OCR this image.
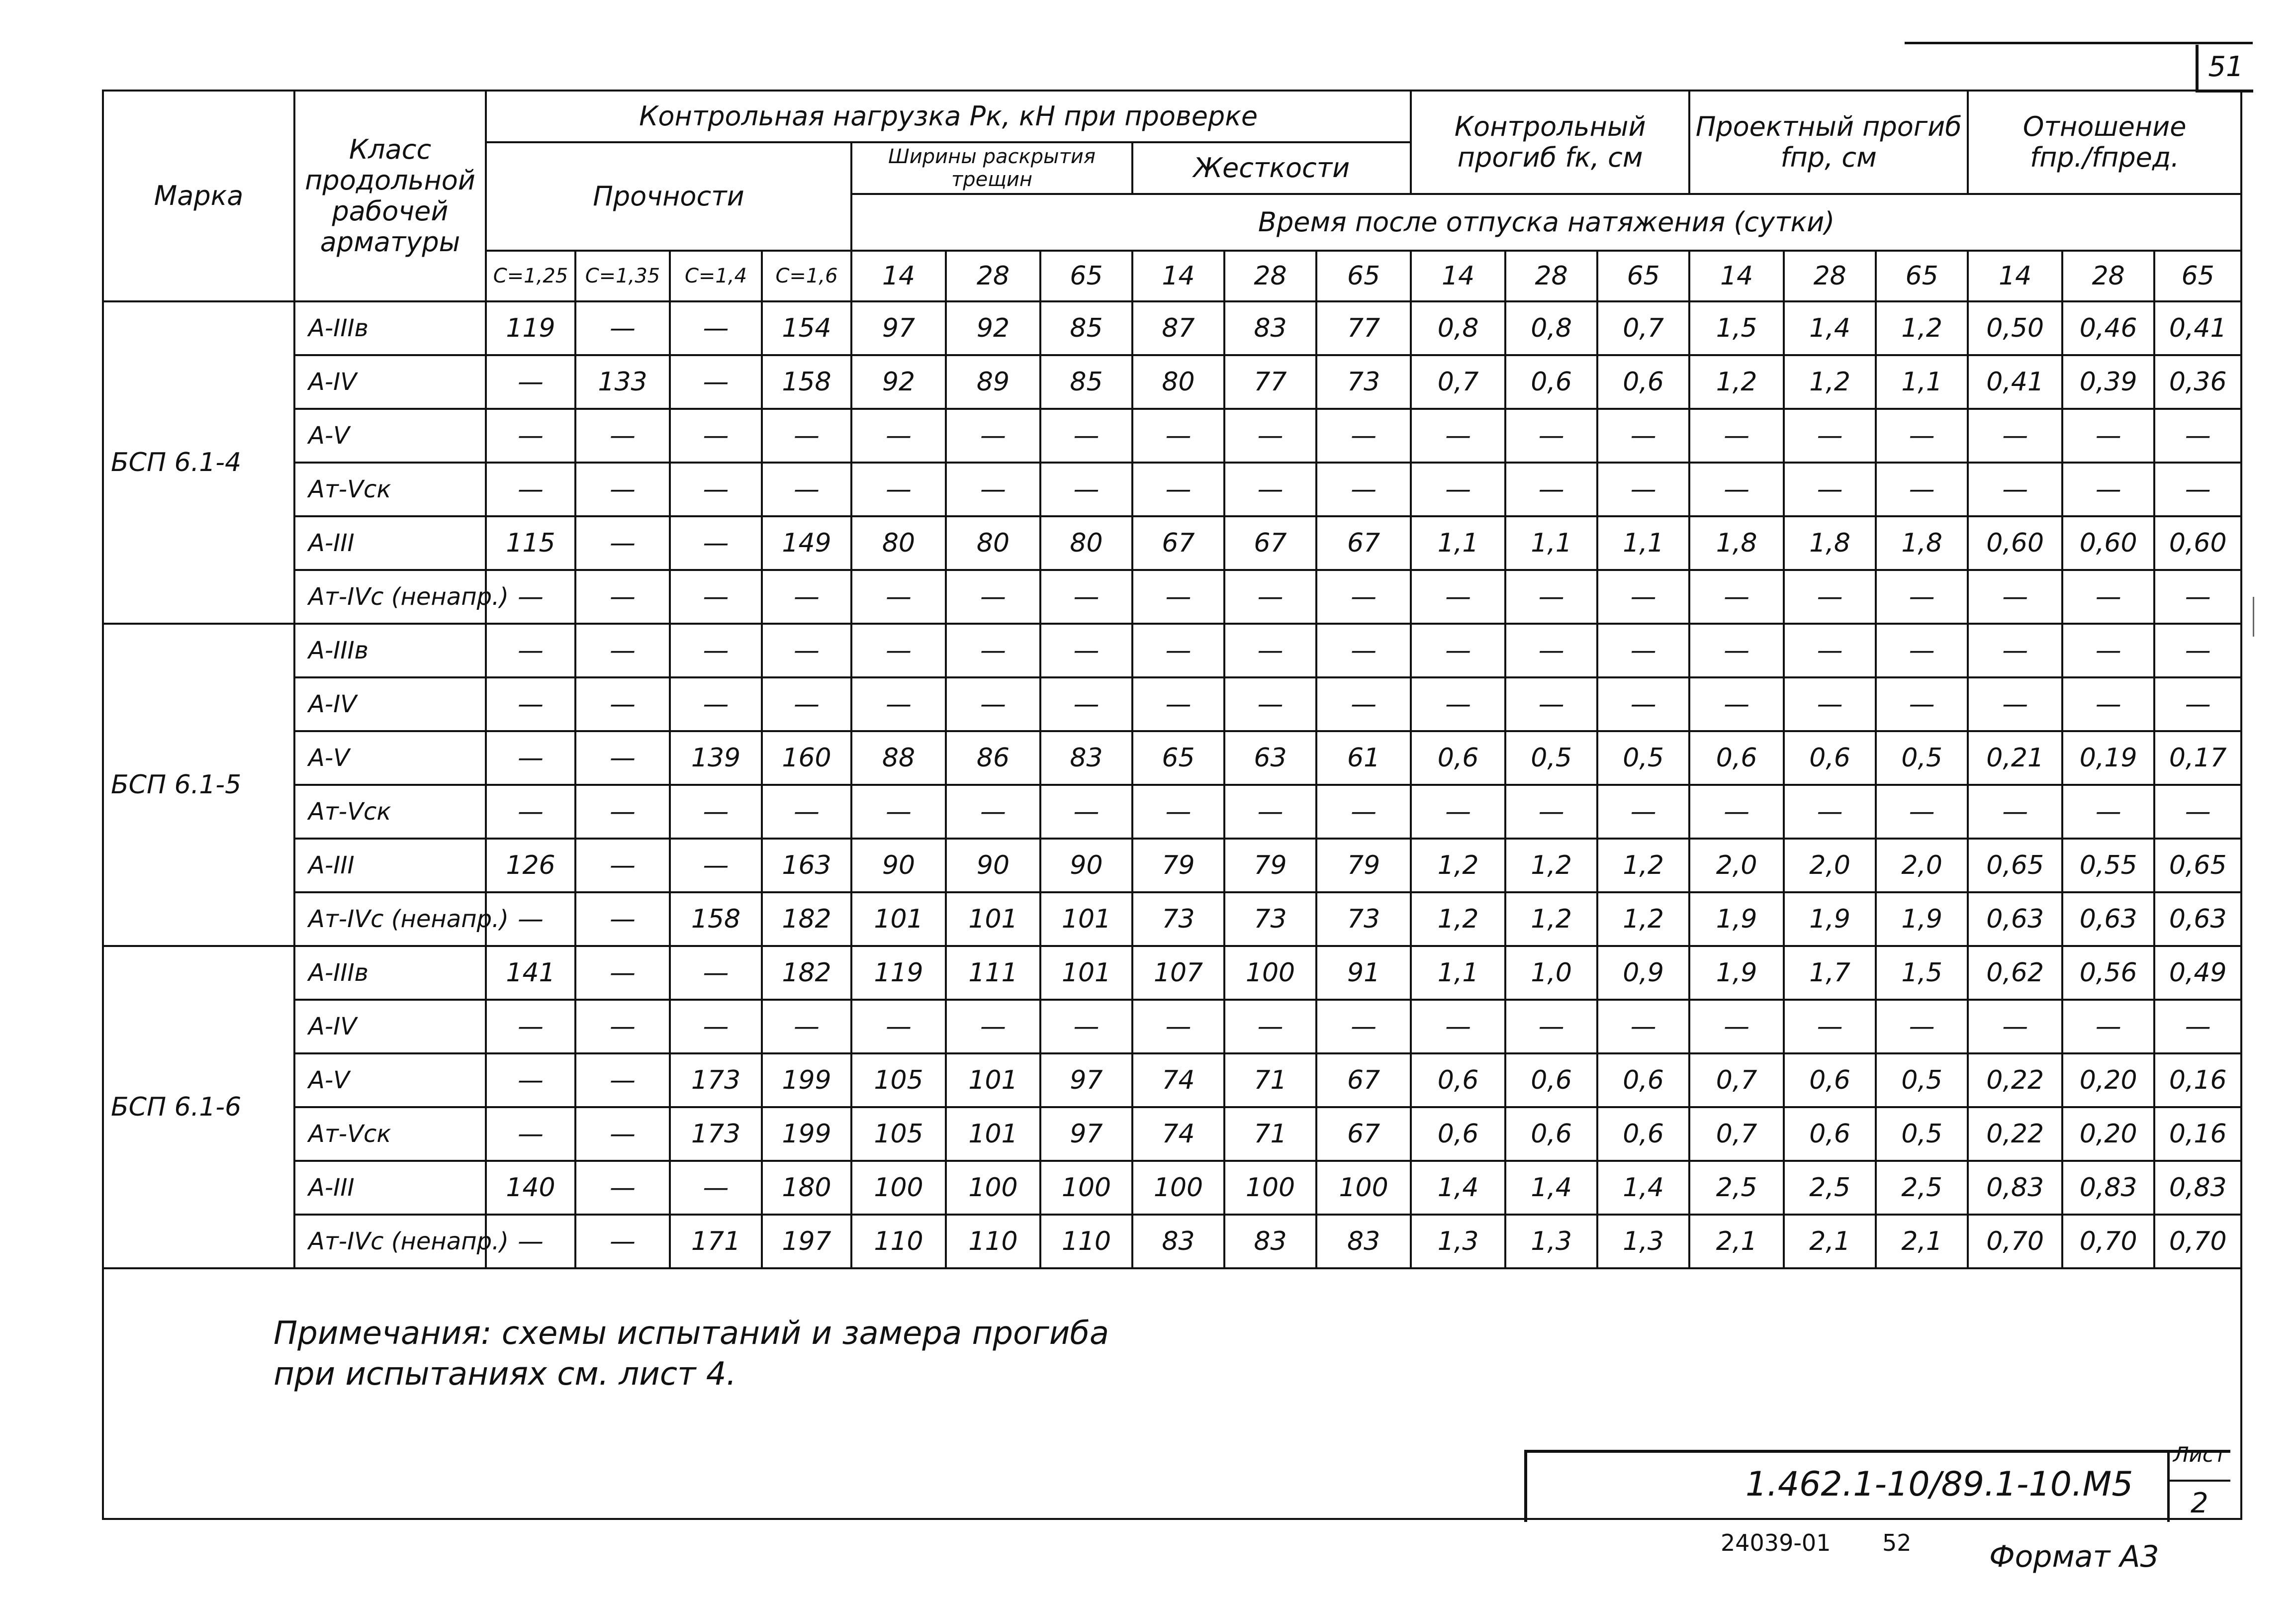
51
Марка	Класс продольной рабочей арматуры	Контрольная нагрузка Pк, кН при проверке										Контрольный прогиб fк, см			Проектный прогиб fпр, см			Отношение fпр./fпред.		
		Прочности				Ширины раскрытия трещин			Жесткости											
						Время после отпуска натяжения (сутки)														
		C=1,25	C=1,35	C=1,4	C=1,6	14	28	65	14	28	65	14	28	65	14	28	65	14	28	65
БСП 6.1-4	А-IIIв	119	—	—	154	97	92	85	87	83	77	0,8	0,8	0,7	1,5	1,4	1,2	0,50	0,46	0,41
	А-IV	—	133	—	158	92	89	85	80	77	73	0,7	0,6	0,6	1,2	1,2	1,1	0,41	0,39	0,36
	А-V	—	—	—	—	—	—	—	—	—	—	—	—	—	—	—	—	—	—	—
	Ат-Vск	—	—	—	—	—	—	—	—	—	—	—	—	—	—	—	—	—	—	—
	А-III	115	—	—	149	80	80	80	67	67	67	1,1	1,1	1,1	1,8	1,8	1,8	0,60	0,60	0,60
	Ат-IVс (ненапр.)	—	—	—	—	—	—	—	—	—	—	—	—	—	—	—	—	—	—	—
БСП 6.1-5	А-IIIв	—	—	—	—	—	—	—	—	—	—	—	—	—	—	—	—	—	—	—
	А-IV	—	—	—	—	—	—	—	—	—	—	—	—	—	—	—	—	—	—	—
	А-V	—	—	139	160	88	86	83	65	63	61	0,6	0,5	0,5	0,6	0,6	0,5	0,21	0,19	0,17
	Ат-Vск	—	—	—	—	—	—	—	—	—	—	—	—	—	—	—	—	—	—	—
	А-III	126	—	—	163	90	90	90	79	79	79	1,2	1,2	1,2	2,0	2,0	2,0	0,65	0,55	0,65
	Ат-IVс (ненапр.)	—	—	158	182	101	101	101	73	73	73	1,2	1,2	1,2	1,9	1,9	1,9	0,63	0,63	0,63
БСП 6.1-6	А-IIIв	141	—	—	182	119	111	101	107	100	91	1,1	1,0	0,9	1,9	1,7	1,5	0,62	0,56	0,49
	А-IV	—	—	—	—	—	—	—	—	—	—	—	—	—	—	—	—	—	—	—
	А-V	—	—	173	199	105	101	97	74	71	67	0,6	0,6	0,6	0,7	0,6	0,5	0,22	0,20	0,16
	Ат-Vск	—	—	173	199	105	101	97	74	71	67	0,6	0,6	0,6	0,7	0,6	0,5	0,22	0,20	0,16
	А-III	140	—	—	180	100	100	100	100	100	100	1,4	1,4	1,4	2,5	2,5	2,5	0,83	0,83	0,83
	Ат-IVс (ненапр.)	—	—	171	197	110	110	110	83	83	83	1,3	1,3	1,3	2,1	2,1	2,1	0,70	0,70	0,70

Примечания: схемы испытаний и замера прогиба
при испытаниях см. лист 4.
1.462.1-10/89.1-10.М5
Лист
2
24039-01 52	Формат А3
